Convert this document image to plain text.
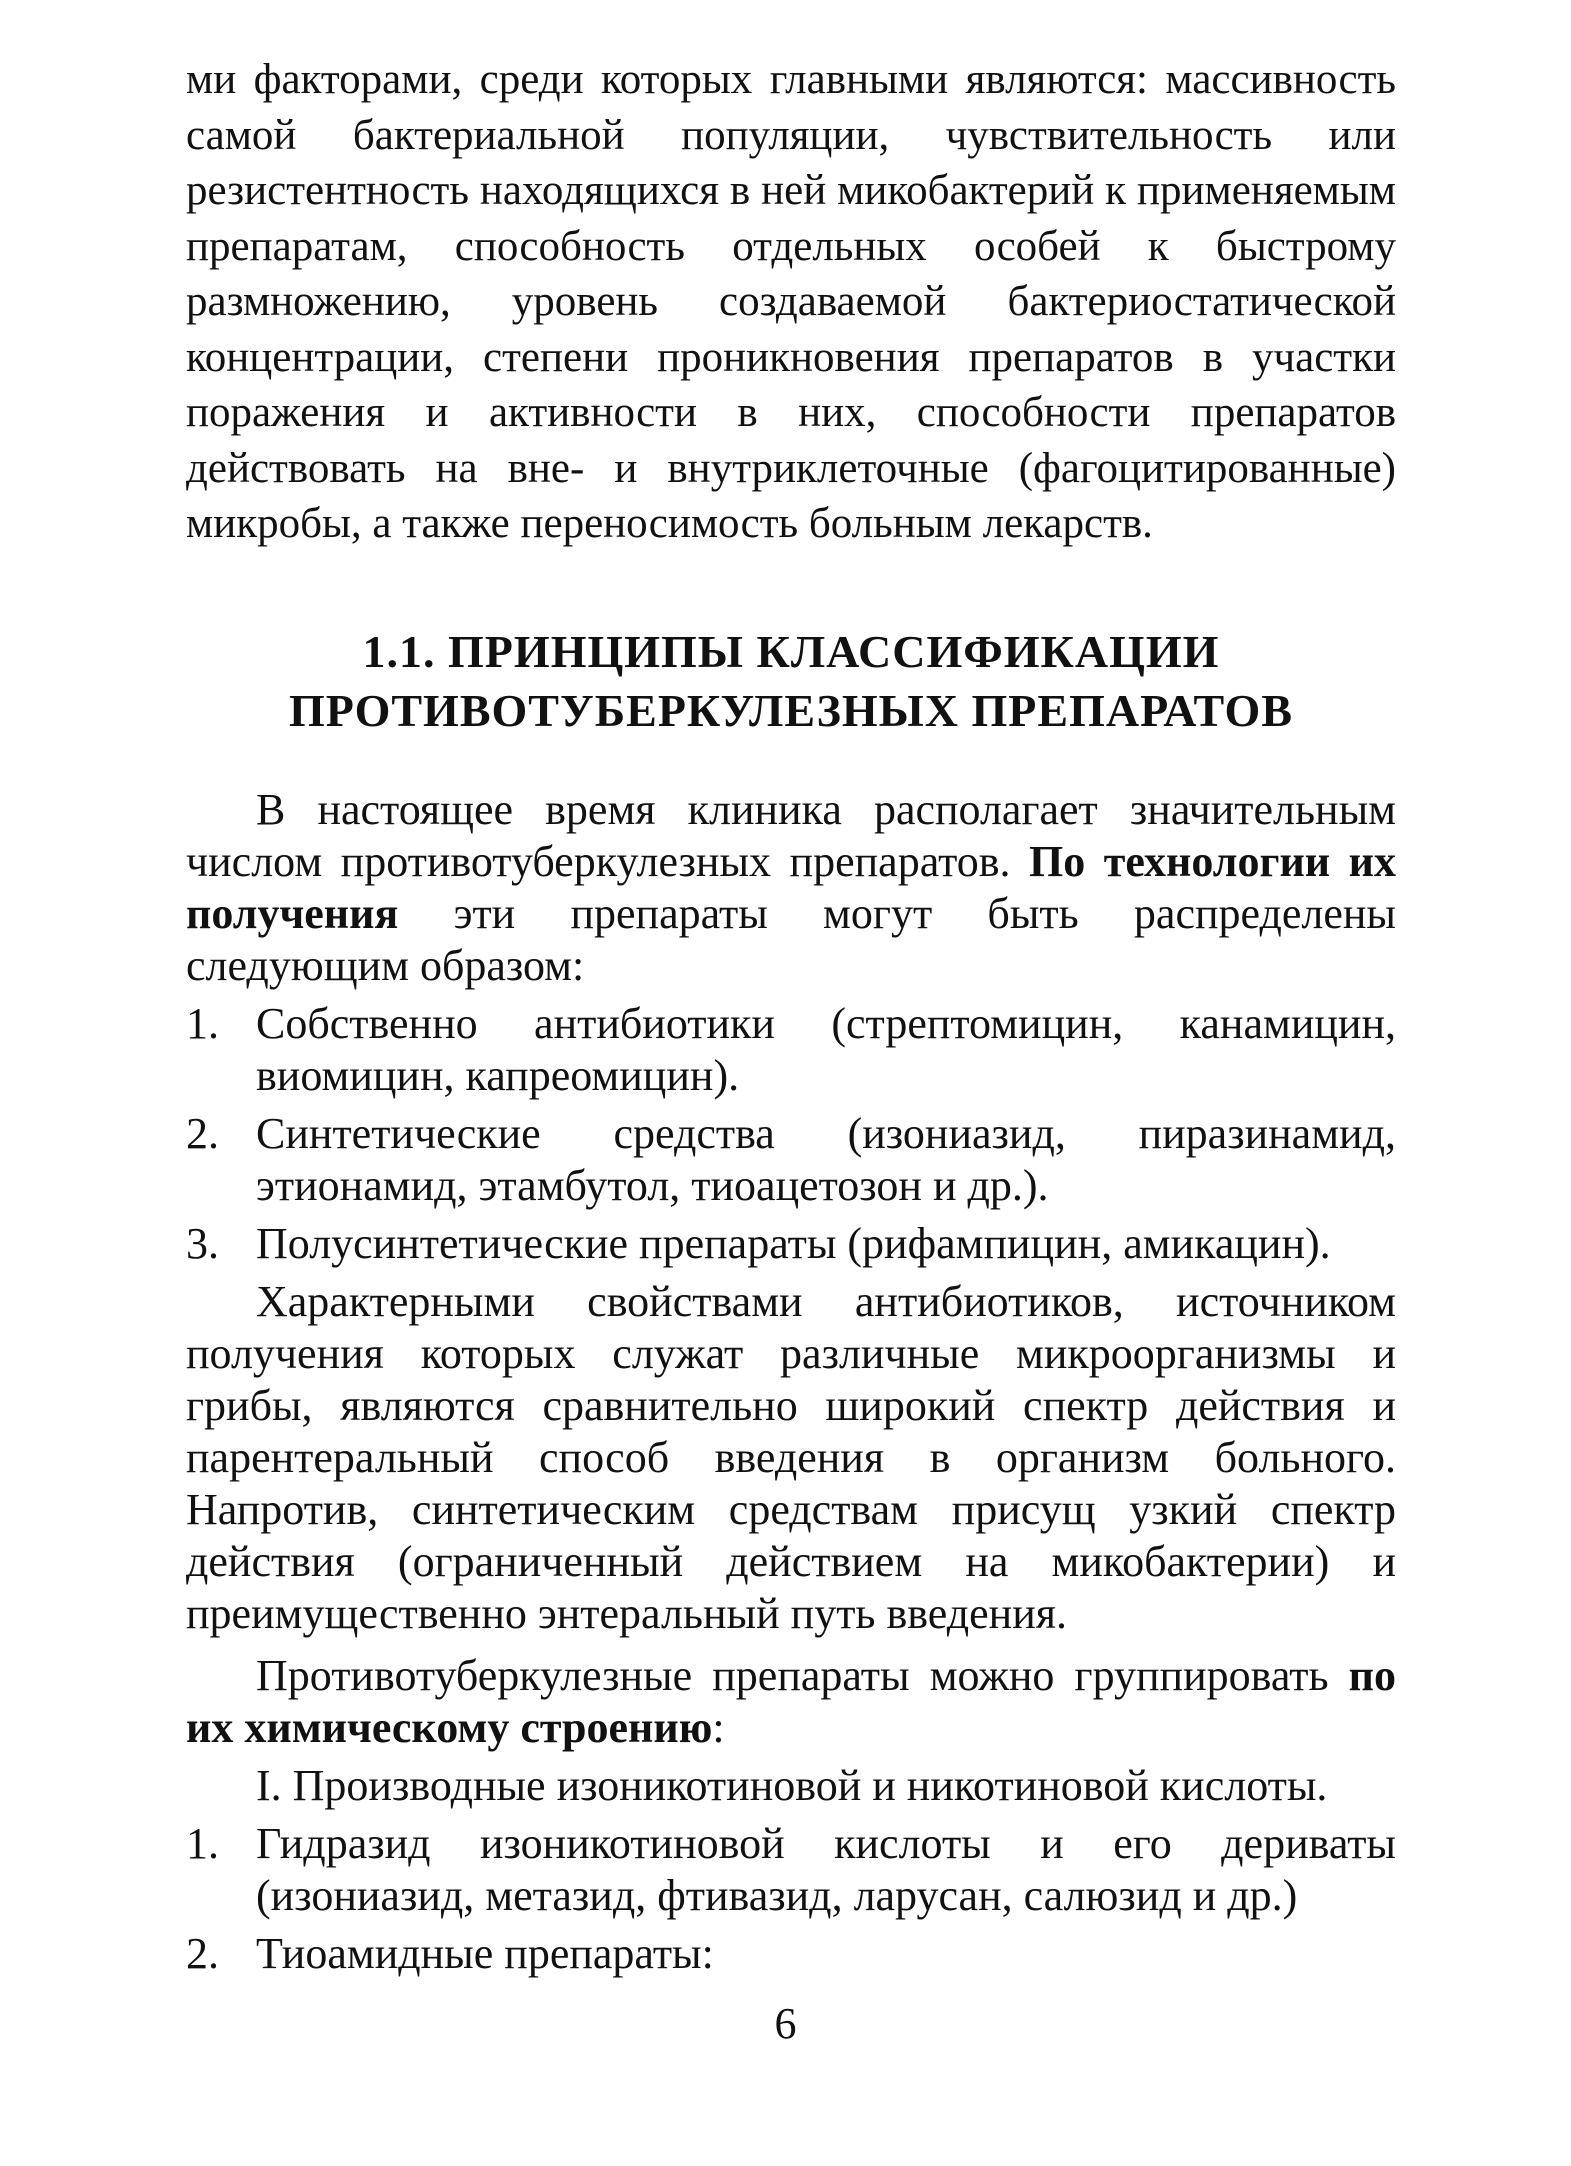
ми факторами, среди которых главными являются: массивность самой бактериальной популяции, чувствительность или резистентность находящихся в ней микобактерий к применяемым препаратам, способность отдельных особей к быстрому размножению, уровень создаваемой бактериостатической концентрации, степени проникновения препаратов в участки поражения и активности в них, способности препаратов действовать на вне- и внутриклеточные (фагоцитированные) микробы, а также переносимость больным лекарств.

1.1. ПРИНЦИПЫ КЛАССИФИКАЦИИ
ПРОТИВОТУБЕРКУЛЕЗНЫХ ПРЕПАРАТОВ

В настоящее время клиника располагает значительным числом противотуберкулезных препаратов. По технологии их получения эти препараты могут быть распределены следующим образом:

1. Собственно антибиотики (стрептомицин, канамицин, виомицин, капреомицин).
2. Синтетические средства (изониазид, пиразинамид, этионамид, этамбутол, тиоацетозон и др.).
3. Полусинтетические препараты (рифампицин, амикацин).

Характерными свойствами антибиотиков, источником получения которых служат различные микроорганизмы и грибы, являются сравнительно широкий спектр действия и парентеральный способ введения в организм больного. Напротив, синтетическим средствам присущ узкий спектр действия (ограниченный действием на микобактерии) и преимущественно энтеральный путь введения.

Противотуберкулезные препараты можно группировать по их химическому строению:

I. Производные изоникотиновой и никотиновой кислоты.

1. Гидразид изоникотиновой кислоты и его дериваты (изониазид, метазид, фтивазид, ларусан, салюзид и др.)
2. Тиоамидные препараты:
6
